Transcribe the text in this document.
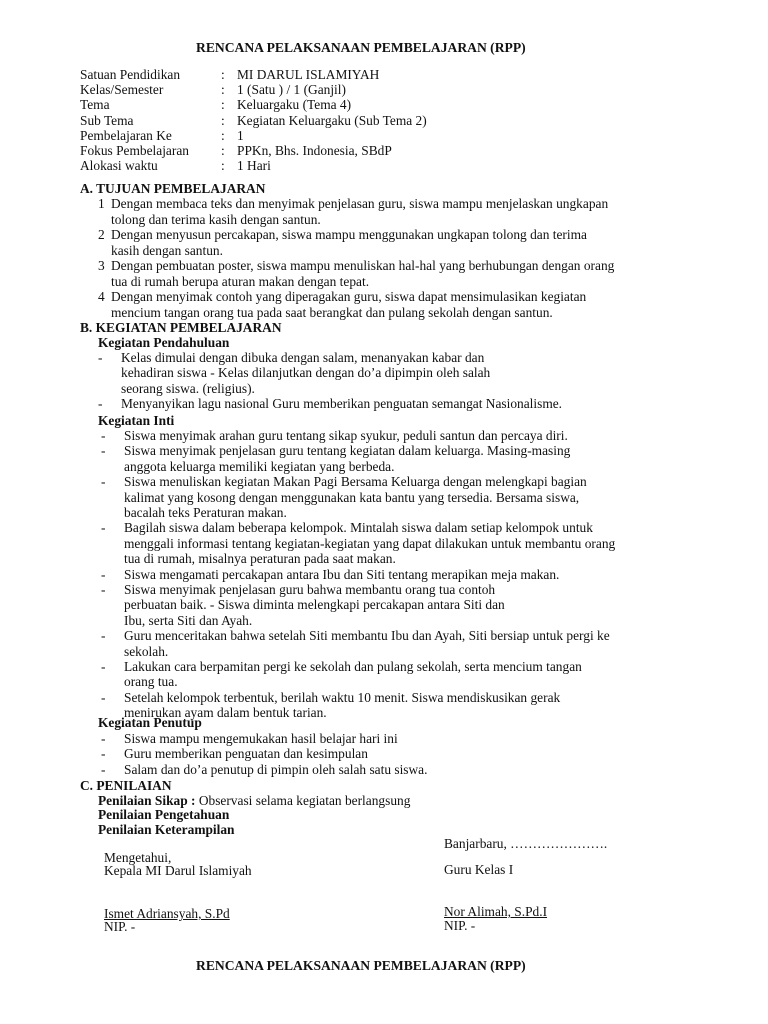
RENCANA PELAKSANAAN PEMBELAJARAN (RPP)
Satuan Pendidikan	: MI DARUL ISLAMIYAH
Kelas/Semester	: 1 (Satu ) / 1 (Ganjil)
Tema	: Keluargaku (Tema 4)
Sub Tema	: Kegiatan Keluargaku (Sub Tema 2)
Pembelajaran Ke	: 1
Fokus Pembelajaran : PPKn, Bhs. Indonesia, SBdP
Alokasi waktu	: 1 Hari
A. TUJUAN PEMBELAJARAN
1 Dengan membaca teks dan menyimak penjelasan guru, siswa mampu menjelaskan ungkapan
tolong dan terima kasih dengan santun.
2 Dengan menyusun percakapan, siswa mampu menggunakan ungkapan tolong dan terima
kasih dengan santun.
3 Dengan pembuatan poster, siswa mampu menuliskan hal-hal yang berhubungan dengan orang
tua di rumah berupa aturan makan dengan tepat.
4 Dengan menyimak contoh yang diperagakan guru, siswa dapat mensimulasikan kegiatan
mencium tangan orang tua pada saat berangkat dan pulang sekolah dengan santun.
B. KEGIATAN PEMBELAJARAN
Kegiatan Pendahuluan
- Kelas dimulai dengan dibuka dengan salam, menanyakan kabar dan
kehadiran siswa - Kelas dilanjutkan dengan do’a dipimpin oleh salah
seorang siswa. (religius).
- Menyanyikan lagu nasional Guru memberikan penguatan semangat Nasionalisme.
Kegiatan Inti
- Siswa menyimak arahan guru tentang sikap syukur, peduli santun dan percaya diri.
- Siswa menyimak penjelasan guru tentang kegiatan dalam keluarga. Masing-masing
anggota keluarga memiliki kegiatan yang berbeda.
- Siswa menuliskan kegiatan Makan Pagi Bersama Keluarga dengan melengkapi bagian
kalimat yang kosong dengan menggunakan kata bantu yang tersedia. Bersama siswa,
bacalah teks Peraturan makan.
- Bagilah siswa dalam beberapa kelompok. Mintalah siswa dalam setiap kelompok untuk
menggali informasi tentang kegiatan-kegiatan yang dapat dilakukan untuk membantu orang
tua di rumah, misalnya peraturan pada saat makan.
- Siswa mengamati percakapan antara Ibu dan Siti tentang merapikan meja makan.
- Siswa menyimak penjelasan guru bahwa membantu orang tua contoh
perbuatan baik. - Siswa diminta melengkapi percakapan antara Siti dan
Ibu, serta Siti dan Ayah.
- Guru menceritakan bahwa setelah Siti membantu Ibu dan Ayah, Siti bersiap untuk pergi ke
sekolah.
- Lakukan cara berpamitan pergi ke sekolah dan pulang sekolah, serta mencium tangan
orang tua.
- Setelah kelompok terbentuk, berilah waktu 10 menit. Siswa mendiskusikan gerak
menirukan ayam dalam bentuk tarian.
Kegiatan Penutup
- Siswa mampu mengemukakan hasil belajar hari ini
- Guru memberikan penguatan dan kesimpulan
- Salam dan do’a penutup di pimpin oleh salah satu siswa.
C. PENILAIAN
Penilaian Sikap : Observasi selama kegiatan berlangsung
Penilaian Pengetahuan
Penilaian Keterampilan
Banjarbaru, ………………….
Mengetahui,
Kepala MI Darul Islamiyah	Guru Kelas I
Ismet Adriansyah, S.Pd
NIP. -
Nor Alimah, S.Pd.I
NIP. -
RENCANA PELAKSANAAN PEMBELAJARAN (RPP)
